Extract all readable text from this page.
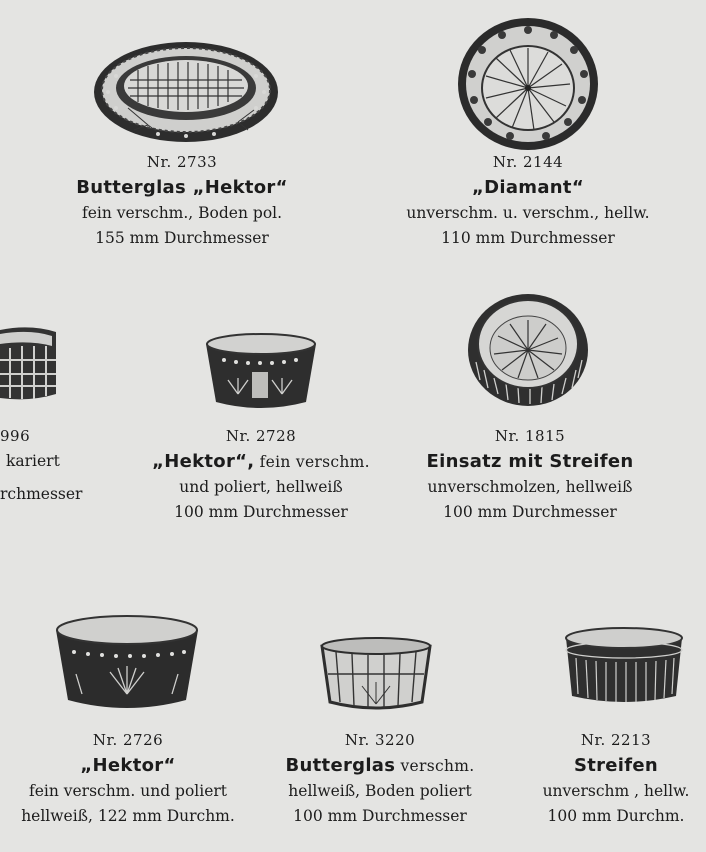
Nr. 2733
Butterglas „Hektor“
fein verschm., Boden pol.
155 mm Durchmesser
Nr. 2144
„Diamant“
unverschm. u. verschm., hellw.
110 mm Durchmesser
996
kariert
rchmesser
Nr. 2728
„Hektor“, fein verschm.
und poliert, hellweiß
100 mm Durchmesser
Nr. 1815
Einsatz mit Streifen
unverschmolzen, hellweiß
100 mm Durchmesser
Nr. 2726
„Hektor“
fein verschm. und poliert
hellweiß, 122 mm Durchm.
Nr. 3220
Butterglas verschm.
hellweiß, Boden poliert
100 mm Durchmesser
Nr. 2213
Streifen
unverschm , hellw.
100 mm Durchm.
